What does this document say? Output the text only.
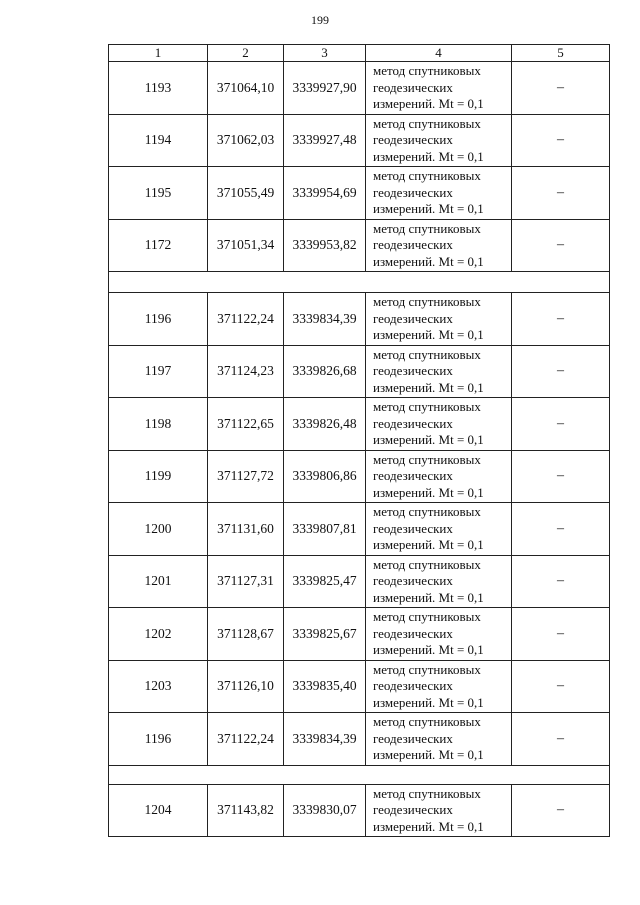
199
1	2	3	4	5
1193	371064,10	3339927,90	метод спутниковых
геодезических
измерений. Mt = 0,1	–
1194	371062,03	3339927,48	метод спутниковых
геодезических
измерений. Mt = 0,1	–
1195	371055,49	3339954,69	метод спутниковых
геодезических
измерений. Mt = 0,1	–
1172	371051,34	3339953,82	метод спутниковых
геодезических
измерений. Mt = 0,1	–

1196	371122,24	3339834,39	метод спутниковых
геодезических
измерений. Mt = 0,1	–
1197	371124,23	3339826,68	метод спутниковых
геодезических
измерений. Mt = 0,1	–
1198	371122,65	3339826,48	метод спутниковых
геодезических
измерений. Mt = 0,1	–
1199	371127,72	3339806,86	метод спутниковых
геодезических
измерений. Mt = 0,1	–
1200	371131,60	3339807,81	метод спутниковых
геодезических
измерений. Mt = 0,1	–
1201	371127,31	3339825,47	метод спутниковых
геодезических
измерений. Mt = 0,1	–
1202	371128,67	3339825,67	метод спутниковых
геодезических
измерений. Mt = 0,1	–
1203	371126,10	3339835,40	метод спутниковых
геодезических
измерений. Mt = 0,1	–
1196	371122,24	3339834,39	метод спутниковых
геодезических
измерений. Mt = 0,1	–

1204	371143,82	3339830,07	метод спутниковых
геодезических
измерений. Mt = 0,1	–
